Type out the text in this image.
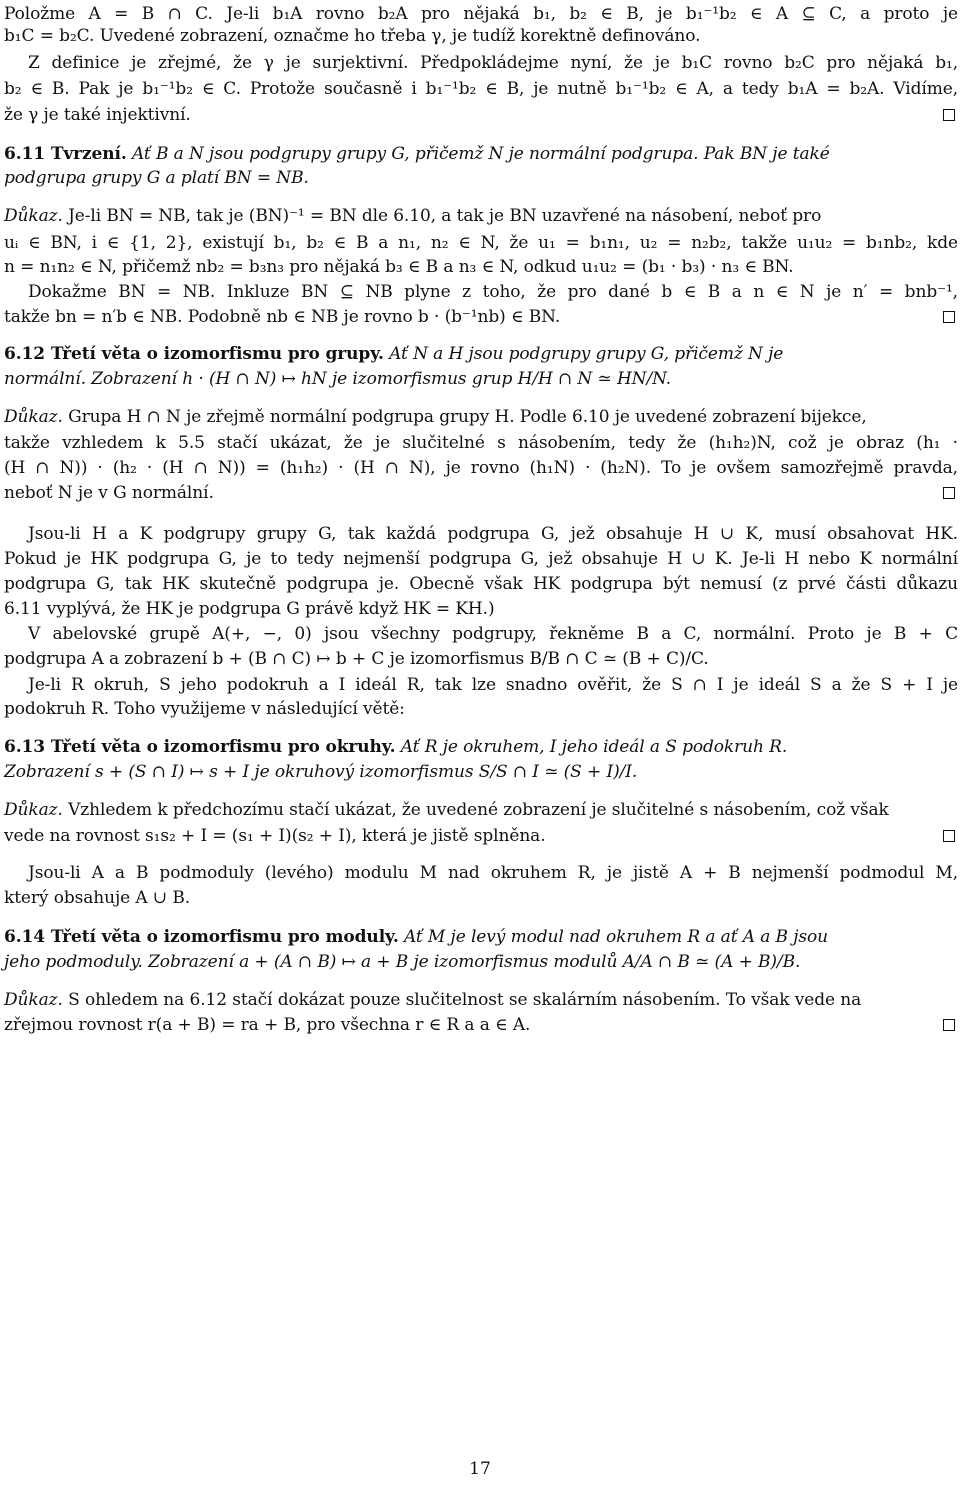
Položme A = B ∩ C. Je-li b₁A rovno b₂A pro nějaká b₁, b₂ ∈ B, je b₁⁻¹b₂ ∈ A ⊆ C, a proto je
b₁C = b₂C. Uvedené zobrazení, označme ho třeba γ, je tudíž korektně definováno.
Z definice je zřejmé, že γ je surjektivní. Předpokládejme nyní, že je b₁C rovno b₂C pro nějaká b₁,
b₂ ∈ B. Pak je b₁⁻¹b₂ ∈ C. Protože současně i b₁⁻¹b₂ ∈ B, je nutně b₁⁻¹b₂ ∈ A, a tedy b₁A = b₂A. Vidíme,
že γ je také injektivní.
6.11 Tvrzení. Ať B a N jsou podgrupy grupy G, přičemž N je normální podgrupa. Pak BN je také
podgrupa grupy G a platí BN = NB.
Důkaz. Je-li BN = NB, tak je (BN)⁻¹ = BN dle 6.10, a tak je BN uzavřené na násobení, neboť pro
uᵢ ∈ BN, i ∈ {1, 2}, existují b₁, b₂ ∈ B a n₁, n₂ ∈ N, že u₁ = b₁n₁, u₂ = n₂b₂, takže u₁u₂ = b₁nb₂, kde
n = n₁n₂ ∈ N, přičemž nb₂ = b₃n₃ pro nějaká b₃ ∈ B a n₃ ∈ N, odkud u₁u₂ = (b₁ · b₃) · n₃ ∈ BN.
Dokažme BN = NB. Inkluze BN ⊆ NB plyne z toho, že pro dané b ∈ B a n ∈ N je n′ = bnb⁻¹,
takže bn = n′b ∈ NB. Podobně nb ∈ NB je rovno b · (b⁻¹nb) ∈ BN.
6.12 Třetí věta o izomorfismu pro grupy. Ať N a H jsou podgrupy grupy G, přičemž N je
normální. Zobrazení h · (H ∩ N) ↦ hN je izomorfismus grup H/H ∩ N ≃ HN/N.
Důkaz. Grupa H ∩ N je zřejmě normální podgrupa grupy H. Podle 6.10 je uvedené zobrazení bijekce,
takže vzhledem k 5.5 stačí ukázat, že je slučitelné s násobením, tedy že (h₁h₂)N, což je obraz (h₁ ·
(H ∩ N)) · (h₂ · (H ∩ N)) = (h₁h₂) · (H ∩ N), je rovno (h₁N) · (h₂N). To je ovšem samozřejmě pravda,
neboť N je v G normální.
Jsou-li H a K podgrupy grupy G, tak každá podgrupa G, jež obsahuje H ∪ K, musí obsahovat HK.
Pokud je HK podgrupa G, je to tedy nejmenší podgrupa G, jež obsahuje H ∪ K. Je-li H nebo K normální
podgrupa G, tak HK skutečně podgrupa je. Obecně však HK podgrupa být nemusí (z prvé části důkazu
6.11 vyplývá, že HK je podgrupa G právě když HK = KH.)
V abelovské grupě A(+, −, 0) jsou všechny podgrupy, řekněme B a C, normální. Proto je B + C
podgrupa A a zobrazení b + (B ∩ C) ↦ b + C je izomorfismus B/B ∩ C ≃ (B + C)/C.
Je-li R okruh, S jeho podokruh a I ideál R, tak lze snadno ověřit, že S ∩ I je ideál S a že S + I je
podokruh R. Toho využijeme v následující větě:
6.13 Třetí věta o izomorfismu pro okruhy. Ať R je okruhem, I jeho ideál a S podokruh R.
Zobrazení s + (S ∩ I) ↦ s + I je okruhový izomorfismus S/S ∩ I ≃ (S + I)/I.
Důkaz. Vzhledem k předchozímu stačí ukázat, že uvedené zobrazení je slučitelné s násobením, což však
vede na rovnost s₁s₂ + I = (s₁ + I)(s₂ + I), která je jistě splněna.
Jsou-li A a B podmoduly (levého) modulu M nad okruhem R, je jistě A + B nejmenší podmodul M,
který obsahuje A ∪ B.
6.14 Třetí věta o izomorfismu pro moduly. Ať M je levý modul nad okruhem R a ať A a B jsou
jeho podmoduly. Zobrazení a + (A ∩ B) ↦ a + B je izomorfismus modulů A/A ∩ B ≃ (A + B)/B.
Důkaz. S ohledem na 6.12 stačí dokázat pouze slučitelnost se skalárním násobením. To však vede na
zřejmou rovnost r(a + B) = ra + B, pro všechna r ∈ R a a ∈ A.
17
